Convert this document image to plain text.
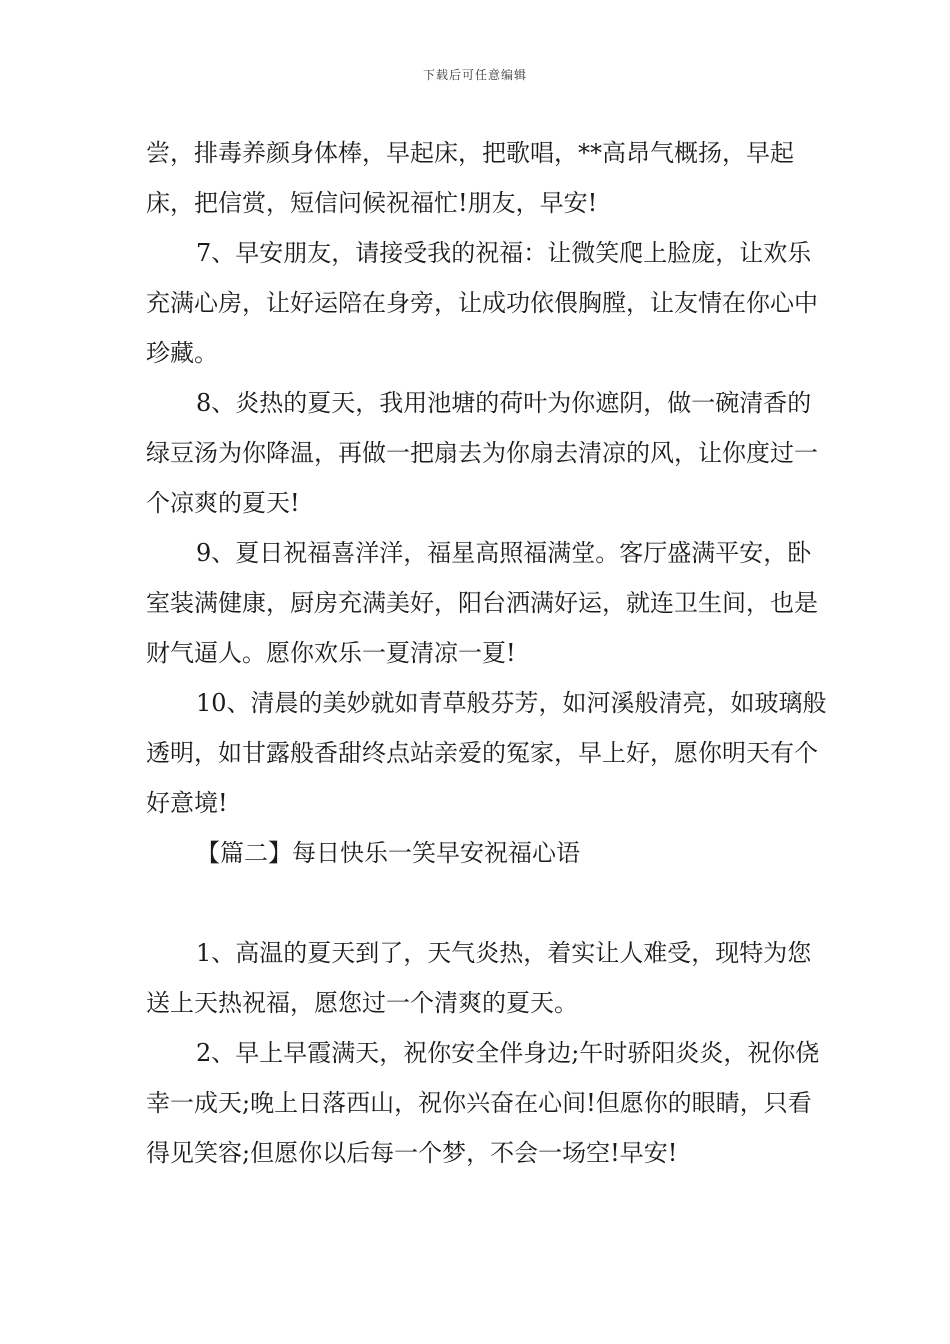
下载后可任意编辑

尝，排毒养颜身体棒，早起床，把歌唱，**高昂气概扬，早起床，把信赏，短信问候祝福忙!朋友，早安!

7、早安朋友，请接受我的祝福：让微笑爬上脸庞，让欢乐充满心房，让好运陪在身旁，让成功依偎胸膛，让友情在你心中珍藏。

8、炎热的夏天，我用池塘的荷叶为你遮阴，做一碗清香的绿豆汤为你降温，再做一把扇去为你扇去清凉的风，让你度过一个凉爽的夏天!

9、夏日祝福喜洋洋，福星高照福满堂。客厅盛满平安，卧室装满健康，厨房充满美好，阳台洒满好运，就连卫生间，也是财气逼人。愿你欢乐一夏清凉一夏!

10、清晨的美妙就如青草般芬芳，如河溪般清亮，如玻璃般透明，如甘露般香甜终点站亲爱的冤家，早上好，愿你明天有个好意境!

【篇二】每日快乐一笑早安祝福心语

1、高温的夏天到了，天气炎热，着实让人难受，现特为您送上天热祝福，愿您过一个清爽的夏天。

2、早上早霞满天，祝你安全伴身边;午时骄阳炎炎，祝你侥幸一成天;晚上日落西山，祝你兴奋在心间!但愿你的眼睛，只看得见笑容;但愿你以后每一个梦，不会一场空!早安!
